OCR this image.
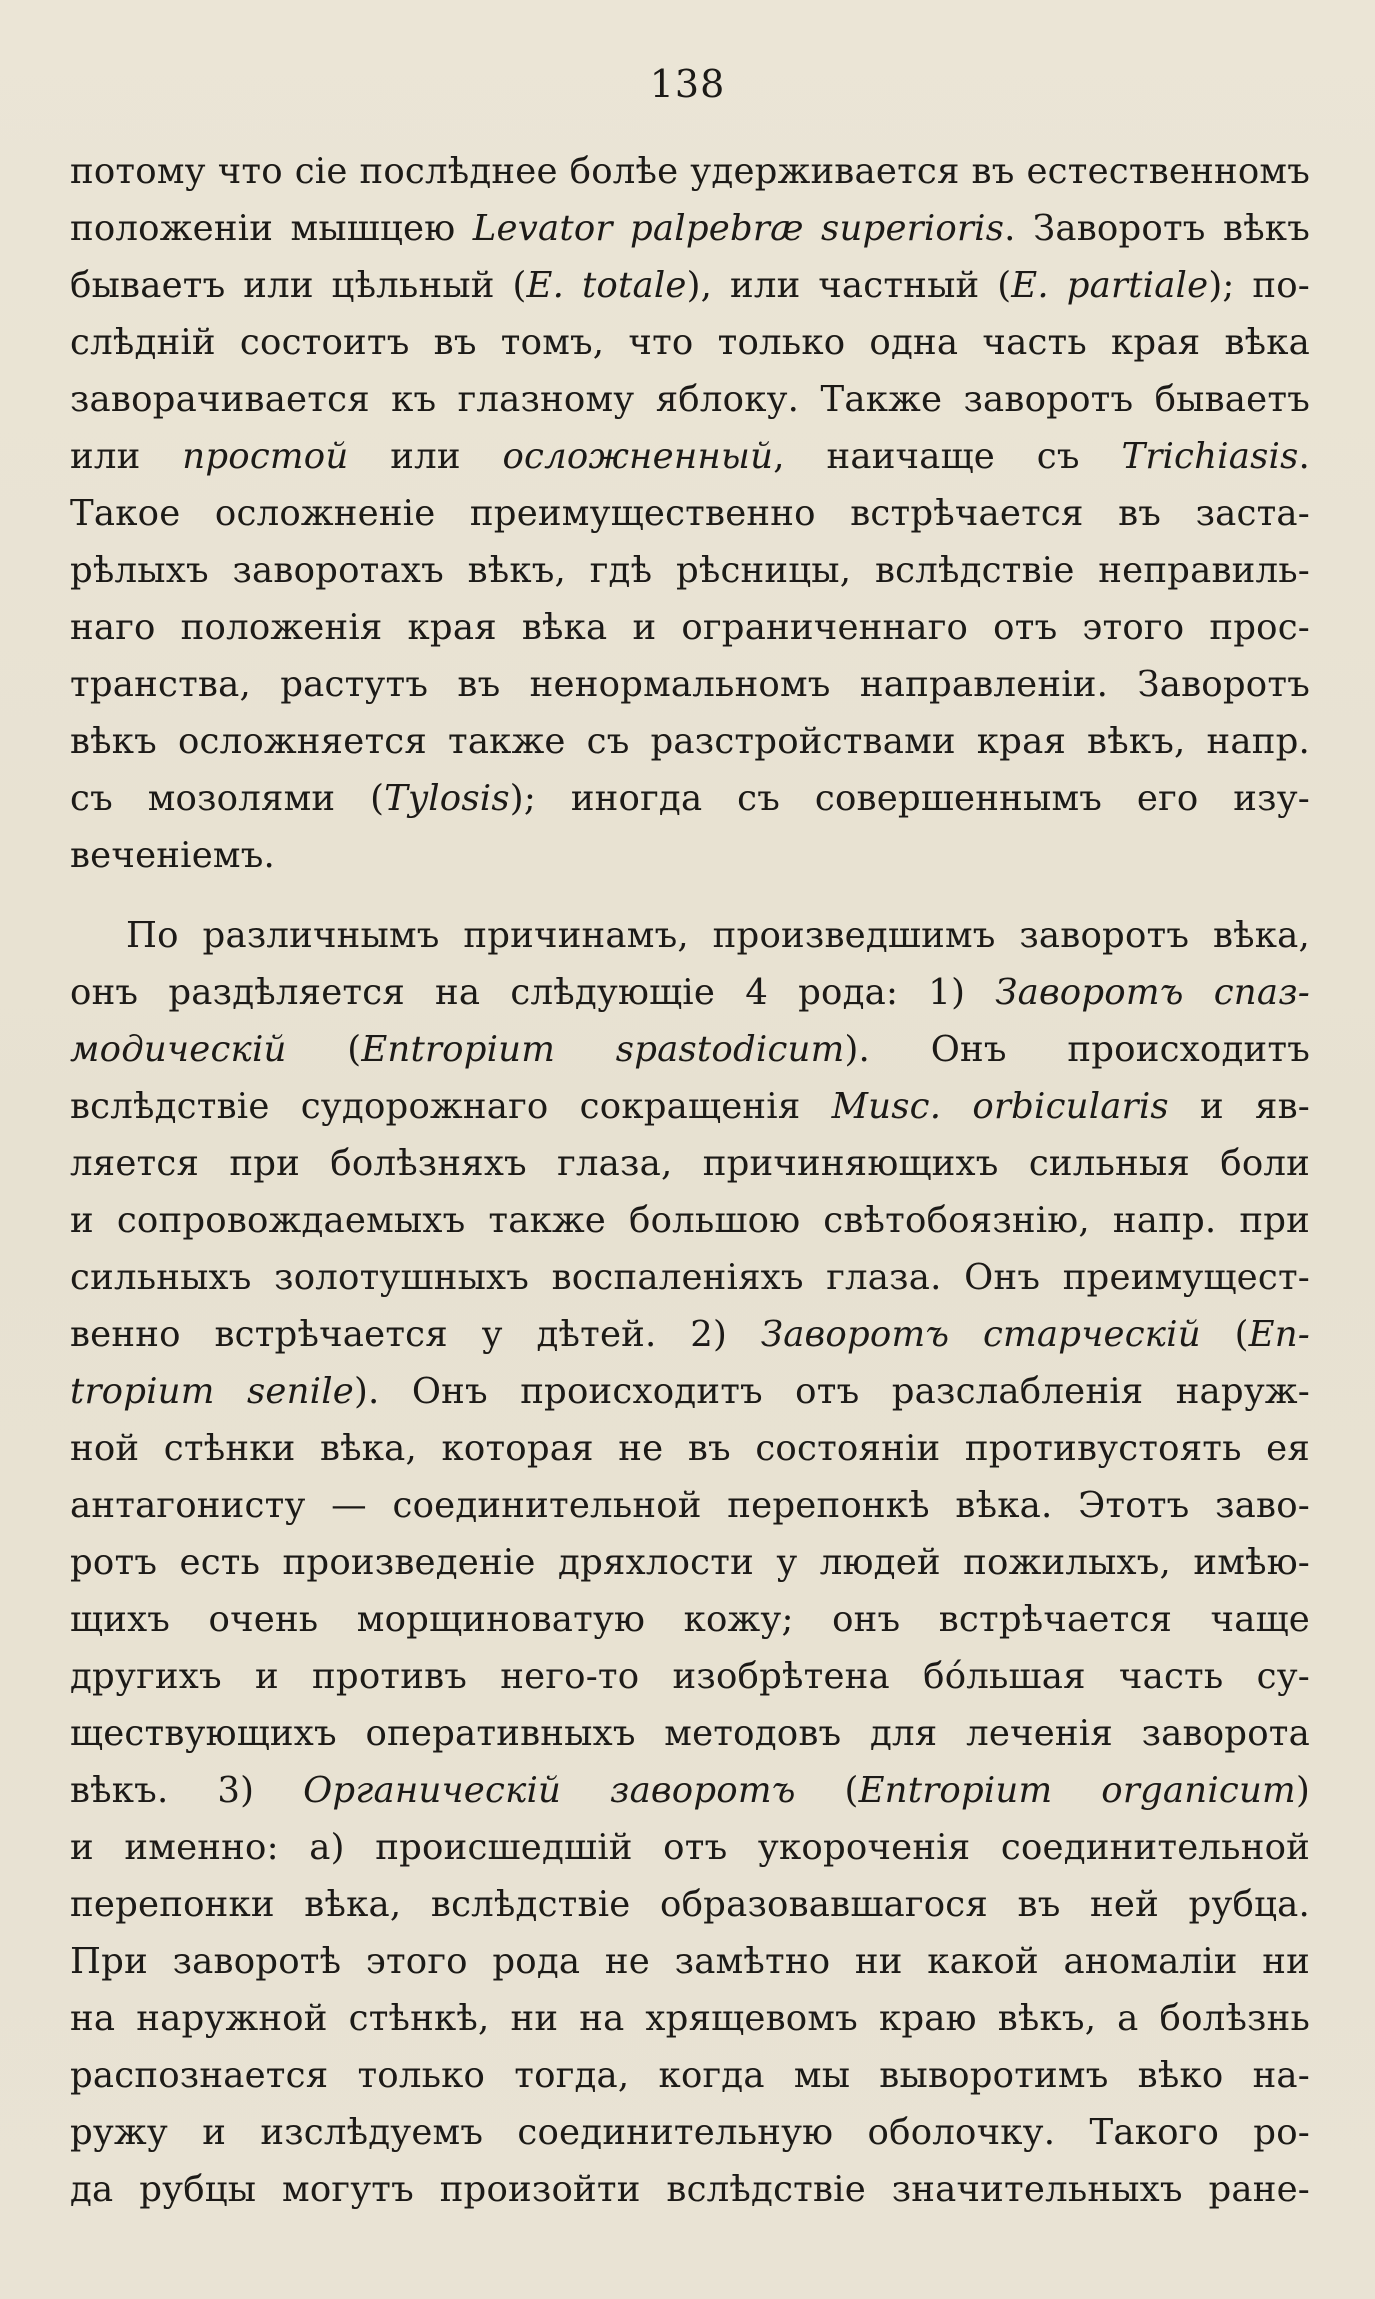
138
потому что сіе послѣднее болѣе удерживается въ естественномъ
положеніи мышцею Levator palpebræ superioris. Заворотъ вѣкъ
бываетъ или цѣльный (E. totale), или частный (E. partiale); по-
слѣдній состоитъ въ томъ, что только одна часть края вѣка
заворачивается къ глазному яблоку. Также заворотъ бываетъ
или простой или осложненный, наичаще съ Trichiasis.
Такое осложненіе преимущественно встрѣчается въ заста-
рѣлыхъ заворотахъ вѣкъ, гдѣ рѣсницы, вслѣдствіе неправиль-
наго положенія края вѣка и ограниченнаго отъ этого прос-
транства, растутъ въ ненормальномъ направленіи. Заворотъ
вѣкъ осложняется также съ разстройствами края вѣкъ, напр.
съ мозолями (Tylosis); иногда съ совершеннымъ его изу-
веченіемъ.
По различнымъ причинамъ, произведшимъ заворотъ вѣка,
онъ раздѣляется на слѣдующіе 4 рода: 1) Заворотъ спаз-
модическій (Entropium spastodicum). Онъ происходитъ
вслѣдствіе судорожнаго сокращенія Musc. orbicularis и яв-
ляется при болѣзняхъ глаза, причиняющихъ сильныя боли
и сопровождаемыхъ также большою свѣтобоязнію, напр. при
сильныхъ золотушныхъ воспаленіяхъ глаза. Онъ преимущест-
венно встрѣчается у дѣтей. 2) Заворотъ старческій (En-
tropium senile). Онъ происходитъ отъ разслабленія наруж-
ной стѣнки вѣка, которая не въ состояніи противустоять ея
антагонисту — соединительной перепонкѣ вѣка. Этотъ заво-
ротъ есть произведеніе дряхлости у людей пожилыхъ, имѣю-
щихъ очень морщиноватую кожу; онъ встрѣчается чаще
другихъ и противъ него-то изобрѣтена бо́льшая часть су-
ществующихъ оперативныхъ методовъ для леченія заворота
вѣкъ. 3) Органическій заворотъ (Entropium organicum)
и именно: а) происшедшій отъ укороченія соединительной
перепонки вѣка, вслѣдствіе образовавшагося въ ней рубца.
При заворотѣ этого рода не замѣтно ни какой аномаліи ни
на наружной стѣнкѣ, ни на хрящевомъ краю вѣкъ, а болѣзнь
распознается только тогда, когда мы выворотимъ вѣко на-
ружу и изслѣдуемъ соединительную оболочку. Такого ро-
да рубцы могутъ произойти вслѣдствіе значительныхъ ране-
